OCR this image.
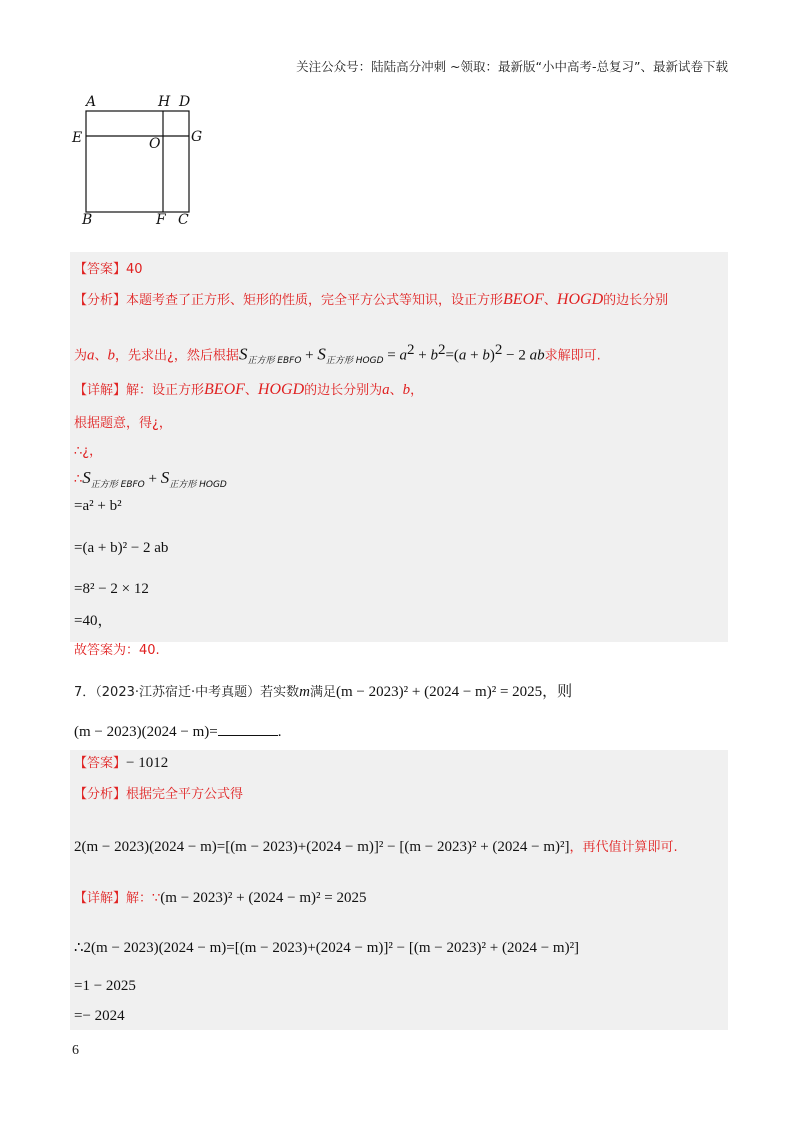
关注公众号：陆陆高分冲刺 ~领取：最新版“小中高考-总复习”、最新试卷下载
A	H D
E	O G
B	F C
【答案】40
【分析】本题考查了正方形、矩形的性质，完全平方公式等知识，设正方形BEOF、HOGD的边长分别
为a、b，先求出¿，然后根据$S_{正方形 EBFO} + S_{正方形 HOGD} = a^2 + b^2=(a + b)^2 - 2$ ab求解即可.
【详解】解：设正方形BEOF、HOGD的边长分别为a、b，
根据题意，得¿，
∴¿，
$\therefore S_{正方形 EBFO} + S_{正方形 HOGD}$
=a² + b²
=(a + b)² − 2 ab
=8² − 2 × 12
=40，
故答案为：40.
7．（2023·江苏宿迁·中考真题）若实数m满足(m − 2023)² + (2024 − m)² = 2025，则
(m − 2023)(2024 − m)=	.
【答案】− 1012
【分析】根据完全平方公式得
2(m − 2023)(2024 − m)=[(m − 2023)+(2024 − m)]² − [(m − 2023)² + (2024 − m)²]，再代值计算即可.
【详解】解：∵(m − 2023)² + (2024 − m)² = 2025
∴2(m − 2023)(2024 − m)=[(m − 2023)+(2024 − m)]² − [(m − 2023)² + (2024 − m)²]
=1 − 2025
=− 2024
6
